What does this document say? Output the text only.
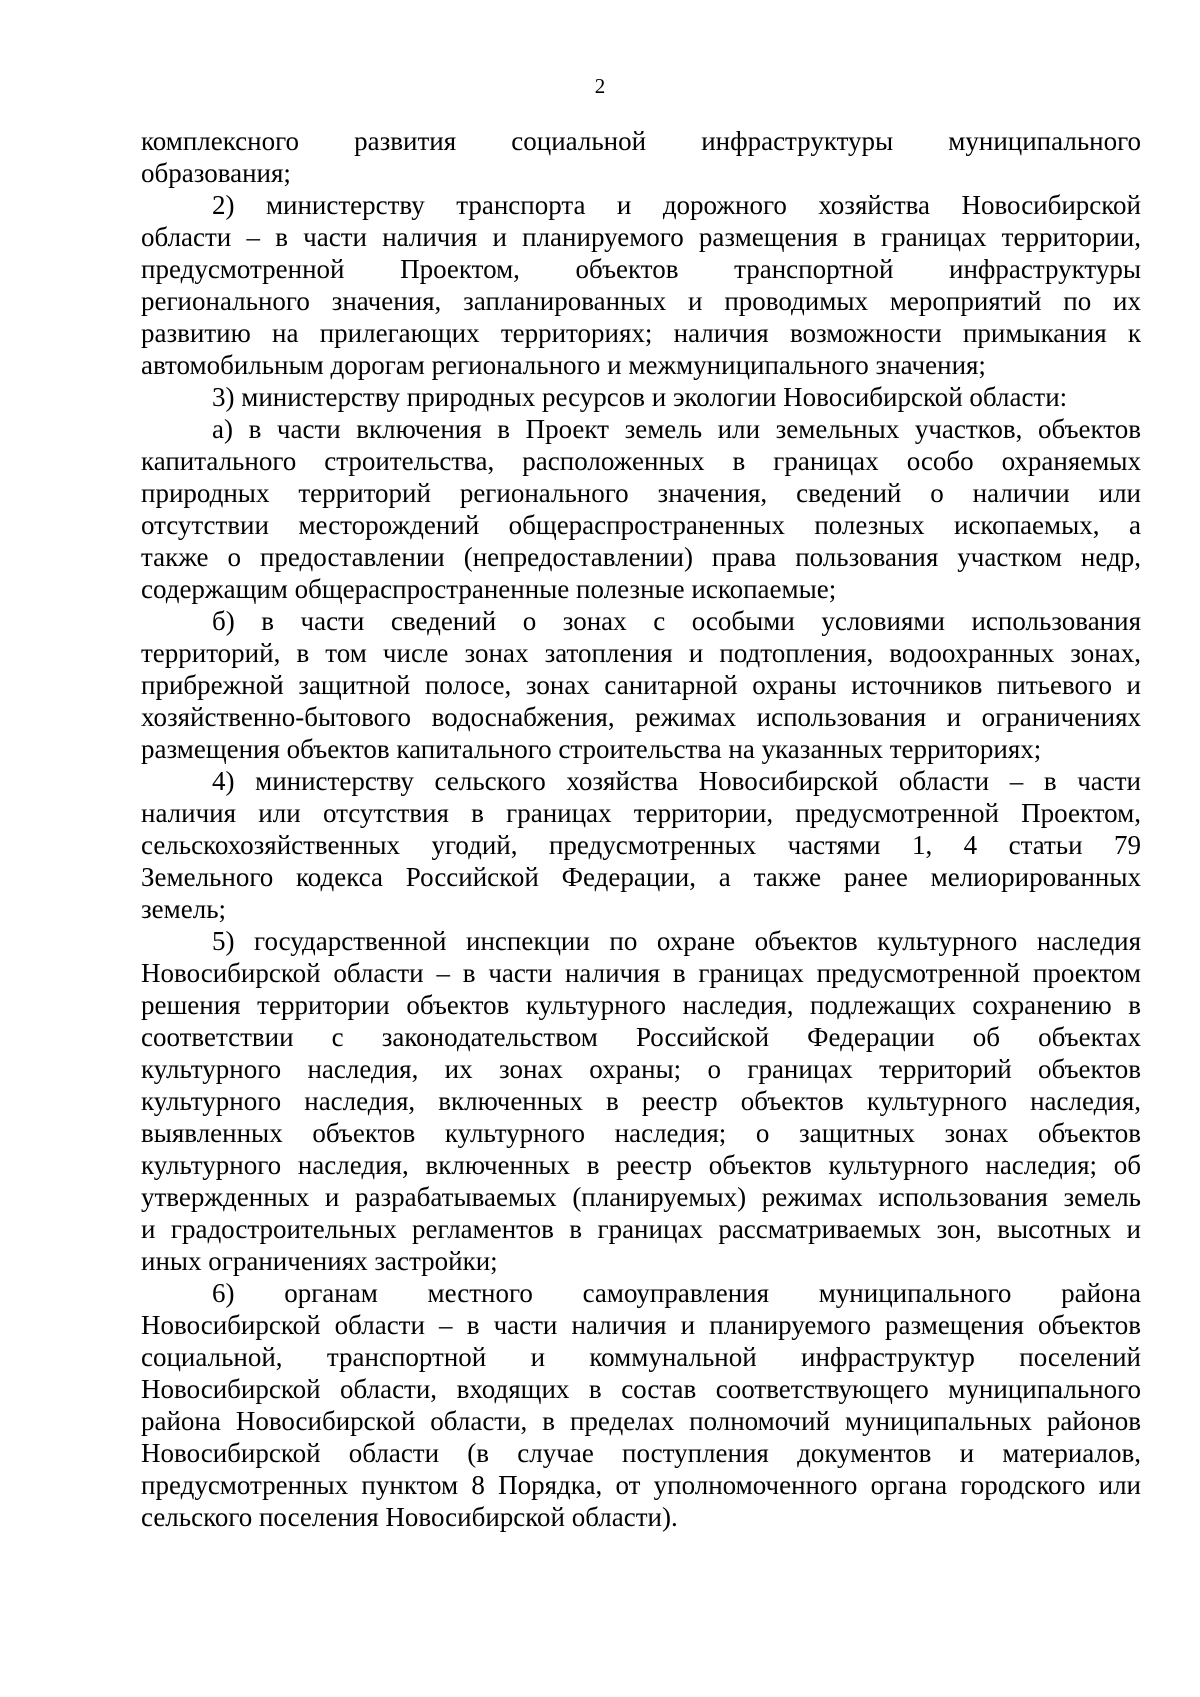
2
комплексного развития социальной инфраструктуры муниципального
образования;
2) министерству транспорта и дорожного хозяйства Новосибирской
области – в части наличия и планируемого размещения в границах территории,
предусмотренной Проектом, объектов транспортной инфраструктуры
регионального значения, запланированных и проводимых мероприятий по их
развитию на прилегающих территориях; наличия возможности примыкания к
автомобильным дорогам регионального и межмуниципального значения;
3) министерству природных ресурсов и экологии Новосибирской области:
а) в части включения в Проект земель или земельных участков, объектов
капитального строительства, расположенных в границах особо охраняемых
природных территорий регионального значения, сведений о наличии или
отсутствии месторождений общераспространенных полезных ископаемых, а
также о предоставлении (непредоставлении) права пользования участком недр,
содержащим общераспространенные полезные ископаемые;
б) в части сведений о зонах с особыми условиями использования
территорий, в том числе зонах затопления и подтопления, водоохранных зонах,
прибрежной защитной полосе, зонах санитарной охраны источников питьевого и
хозяйственно-бытового водоснабжения, режимах использования и ограничениях
размещения объектов капитального строительства на указанных территориях;
4) министерству сельского хозяйства Новосибирской области – в части
наличия или отсутствия в границах территории, предусмотренной Проектом,
сельскохозяйственных угодий, предусмотренных частями 1, 4 статьи 79
Земельного кодекса Российской Федерации, а также ранее мелиорированных
земель;
5) государственной инспекции по охране объектов культурного наследия
Новосибирской области – в части наличия в границах предусмотренной проектом
решения территории объектов культурного наследия, подлежащих сохранению в
соответствии с законодательством Российской Федерации об объектах
культурного наследия, их зонах охраны; о границах территорий объектов
культурного наследия, включенных в реестр объектов культурного наследия,
выявленных объектов культурного наследия; о защитных зонах объектов
культурного наследия, включенных в реестр объектов культурного наследия; об
утвержденных и разрабатываемых (планируемых) режимах использования земель
и градостроительных регламентов в границах рассматриваемых зон, высотных и
иных ограничениях застройки;
6) органам местного самоуправления муниципального района
Новосибирской области – в части наличия и планируемого размещения объектов
социальной, транспортной и коммунальной инфраструктур поселений
Новосибирской области, входящих в состав соответствующего муниципального
района Новосибирской области, в пределах полномочий муниципальных районов
Новосибирской области (в случае поступления документов и материалов,
предусмотренных пунктом 8 Порядка, от уполномоченного органа городского или
сельского поселения Новосибирской области).
